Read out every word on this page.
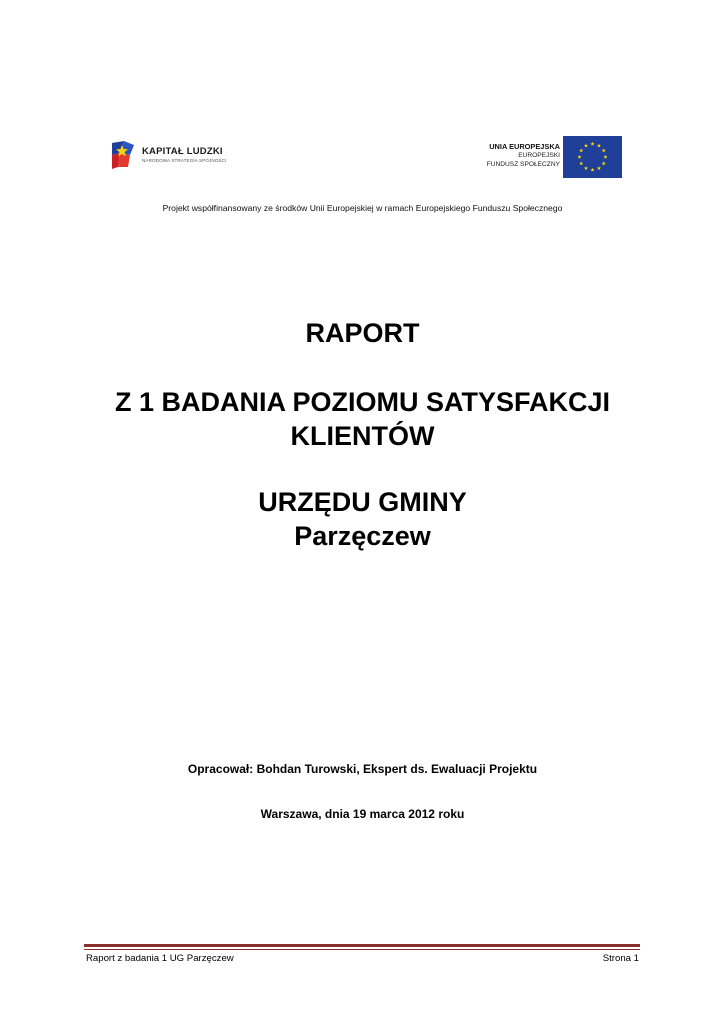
KAPITAŁ LUDZKI
NARODOWA STRATEGIA SPÓJNOŚCI
UNIA EUROPEJSKA
EUROPEJSKI
FUNDUSZ SPOŁECZNY
Projekt współfinansowany ze środków Unii Europejskiej w ramach Europejskiego Funduszu Społecznego
RAPORT
Z 1 BADANIA POZIOMU SATYSFAKCJI
KLIENTÓW
URZĘDU GMINY
Parzęczew
Opracował: Bohdan Turowski, Ekspert ds. Ewaluacji Projektu
Warszawa, dnia 19 marca 2012 roku
Raport z badania 1 UG Parzęczew	Strona 1
